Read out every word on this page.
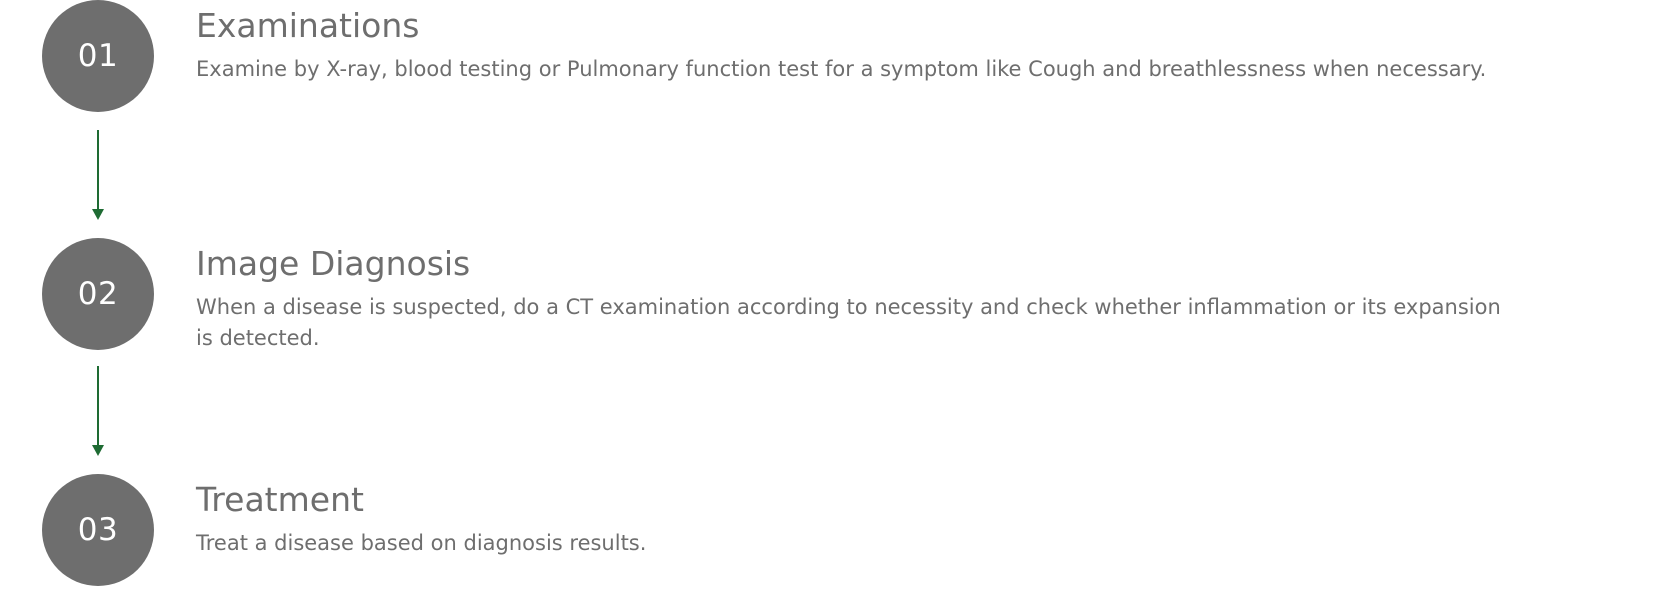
01
Examinations

Examine by X-ray, blood testing or Pulmonary function test for a symptom like Cough and breathlessness when necessary.

02
Image Diagnosis

When a disease is suspected, do a CT examination according to necessity and check whether inflammation or its expansion is detected.

03
Treatment

Treat a disease based on diagnosis results.
